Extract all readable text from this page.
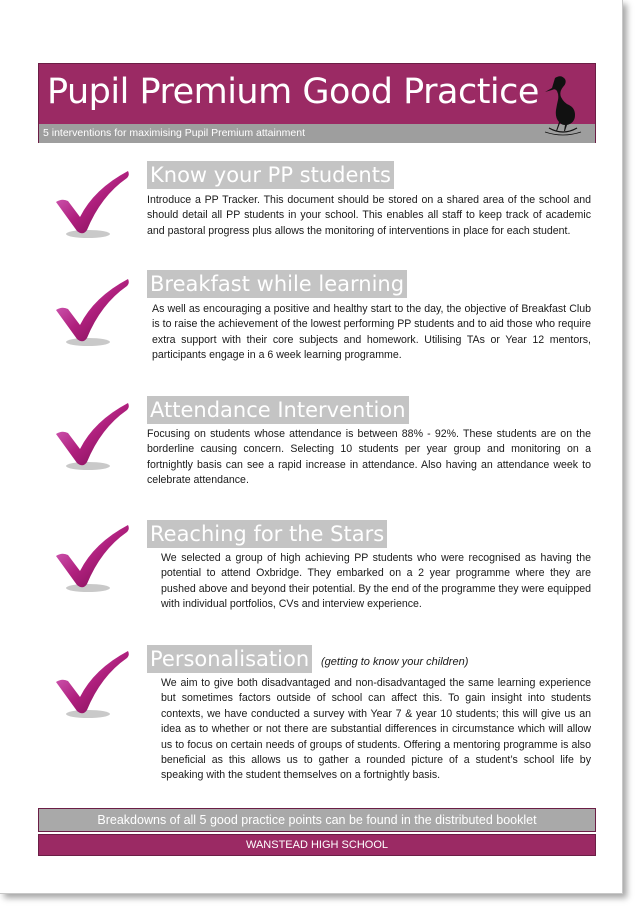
Pupil Premium Good Practice
5 interventions for maximising Pupil Premium attainment
Know your PP students
Introduce a PP Tracker. This document should be stored on a shared area of the school and should detail all PP students in your school. This enables all staff to keep track of academic and pastoral progress plus allows the monitoring of interventions in place for each student.
Breakfast while learning
As well as encouraging a positive and healthy start to the day, the objective of Breakfast Club is to raise the achievement of the lowest performing PP students and to aid those who require extra support with their core subjects and homework. Utilising TAs or Year 12 mentors, participants engage in a 6 week learning programme.
Attendance Intervention
Focusing on students whose attendance is between 88% - 92%. These students are on the borderline causing concern. Selecting 10 students per year group and monitoring on a fortnightly basis can see a rapid increase in attendance. Also having an attendance week to celebrate attendance.
Reaching for the Stars
We selected a group of high achieving PP students who were recognised as having the potential to attend Oxbridge. They embarked on a 2 year programme where they are pushed above and beyond their potential. By the end of the programme they were equipped with individual portfolios, CVs and interview experience.
Personalisation (getting to know your children)
We aim to give both disadvantaged and non-disadvantaged the same learning experience but sometimes factors outside of school can affect this. To gain insight into students contexts, we have conducted a survey with Year 7 & year 10 students; this will give us an idea as to whether or not there are substantial differences in circumstance which will allow us to focus on certain needs of groups of students. Offering a mentoring programme is also beneficial as this allows us to gather a rounded picture of a student’s school life by speaking with the student themselves on a fortnightly basis.
Breakdowns of all 5 good practice points can be found in the distributed booklet
WANSTEAD HIGH SCHOOL
